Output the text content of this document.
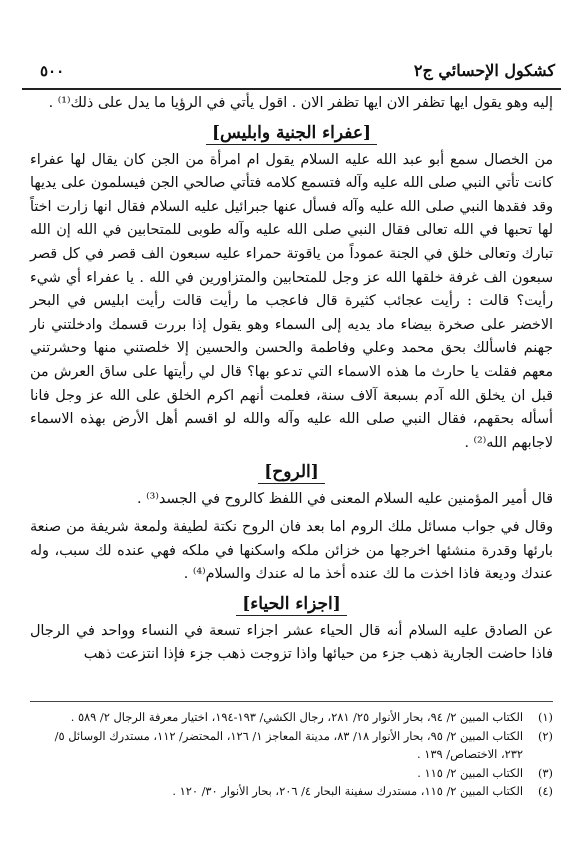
٥٠٠	كشكول الإحسائي ج٢

إليه وهو يقول ايها تظفر الان ايها تظفر الان . اقول يأتي في الرؤيا ما يدل على ذلك⁽¹⁾ .

[عفراء الجنية وابليس]

من الخصال سمع أبو عبد الله عليه السلام يقول ام امرأة من الجن كان يقال لها عفراء كانت تأتي النبي صلى الله عليه وآله فتسمع كلامه فتأتي صالحي الجن فيسلمون على يديها وقد فقدها النبي صلى الله عليه وآله فسأل عنها جبرائيل عليه السلام فقال انها زارت اختاً لها تحبها في الله تعالى فقال النبي صلى الله عليه وآله طوبى للمتحابين في الله إن الله تبارك وتعالى خلق في الجنة عموداً من ياقوتة حمراء عليه سبعون الف قصر في كل قصر سبعون الف غرفة خلقها الله عز وجل للمتحابين والمتزاورين في الله . يا عفراء أي شيء رأيت؟ قالت : رأيت عجائب كثيرة قال فاعجب ما رأيت قالت رأيت ابليس في البحر الاخضر على صخرة بيضاء ماد يديه إلى السماء وهو يقول إذا بررت قسمك وادخلتني نار جهنم فاسألك بحق محمد وعلي وفاطمة والحسن والحسين إلا خلصتني منها وحشرتني معهم فقلت يا حارث ما هذه الاسماء التي تدعو بها؟ قال لي رأيتها على ساق العرش من قبل ان يخلق الله آدم بسبعة آلاف سنة، فعلمت أنهم اكرم الخلق على الله عز وجل فانا أسأله بحقهم، فقال النبي صلى الله عليه وآله والله لو اقسم أهل الأرض بهذه الاسماء لاجابهم الله⁽²⁾ .

[الروح]

قال أمير المؤمنين عليه السلام المعنى في اللفظ كالروح في الجسد⁽³⁾ .

وقال في جواب مسائل ملك الروم اما بعد فان الروح نكتة لطيفة ولمعة شريفة من صنعة بارئها وقدرة منشئها اخرجها من خزائن ملكه واسكنها في ملكه فهي عنده لك سبب، وله عندك وديعة فاذا اخذت ما لك عنده أخذ ما له عندك والسلام⁽⁴⁾ .

[اجزاء الحياء]

عن الصادق عليه السلام أنه قال الحياء عشر اجزاء تسعة في النساء وواحد في الرجال فاذا حاضت الجارية ذهب جزء من حيائها واذا تزوجت ذهب جزء فإذا انتزعت ذهب

(١)
الكتاب المبين ٢/ ٩٤، بحار الأنوار ٢٥/ ٢٨١، رجال الكشي/ ١٩٣-١٩٤، اختيار معرفة الرجال ٢/ ٥٨٩ .
(٢)
الكتاب المبين ٢/ ٩٥، بحار الأنوار ١٨/ ٨٣، مدينة المعاجز ١/ ١٢٦، المحتضر/ ١١٢، مستدرك الوسائل ٥/ ٢٣٢، الاختصاص/ ١٣٩ .
(٣)
الكتاب المبين ٢/ ١١٥ .
(٤)
الكتاب المبين ٢/ ١١٥، مستدرك سفينة البحار ٤/ ٢٠٦، بحار الأنوار ٣٠/ ١٢٠ .
